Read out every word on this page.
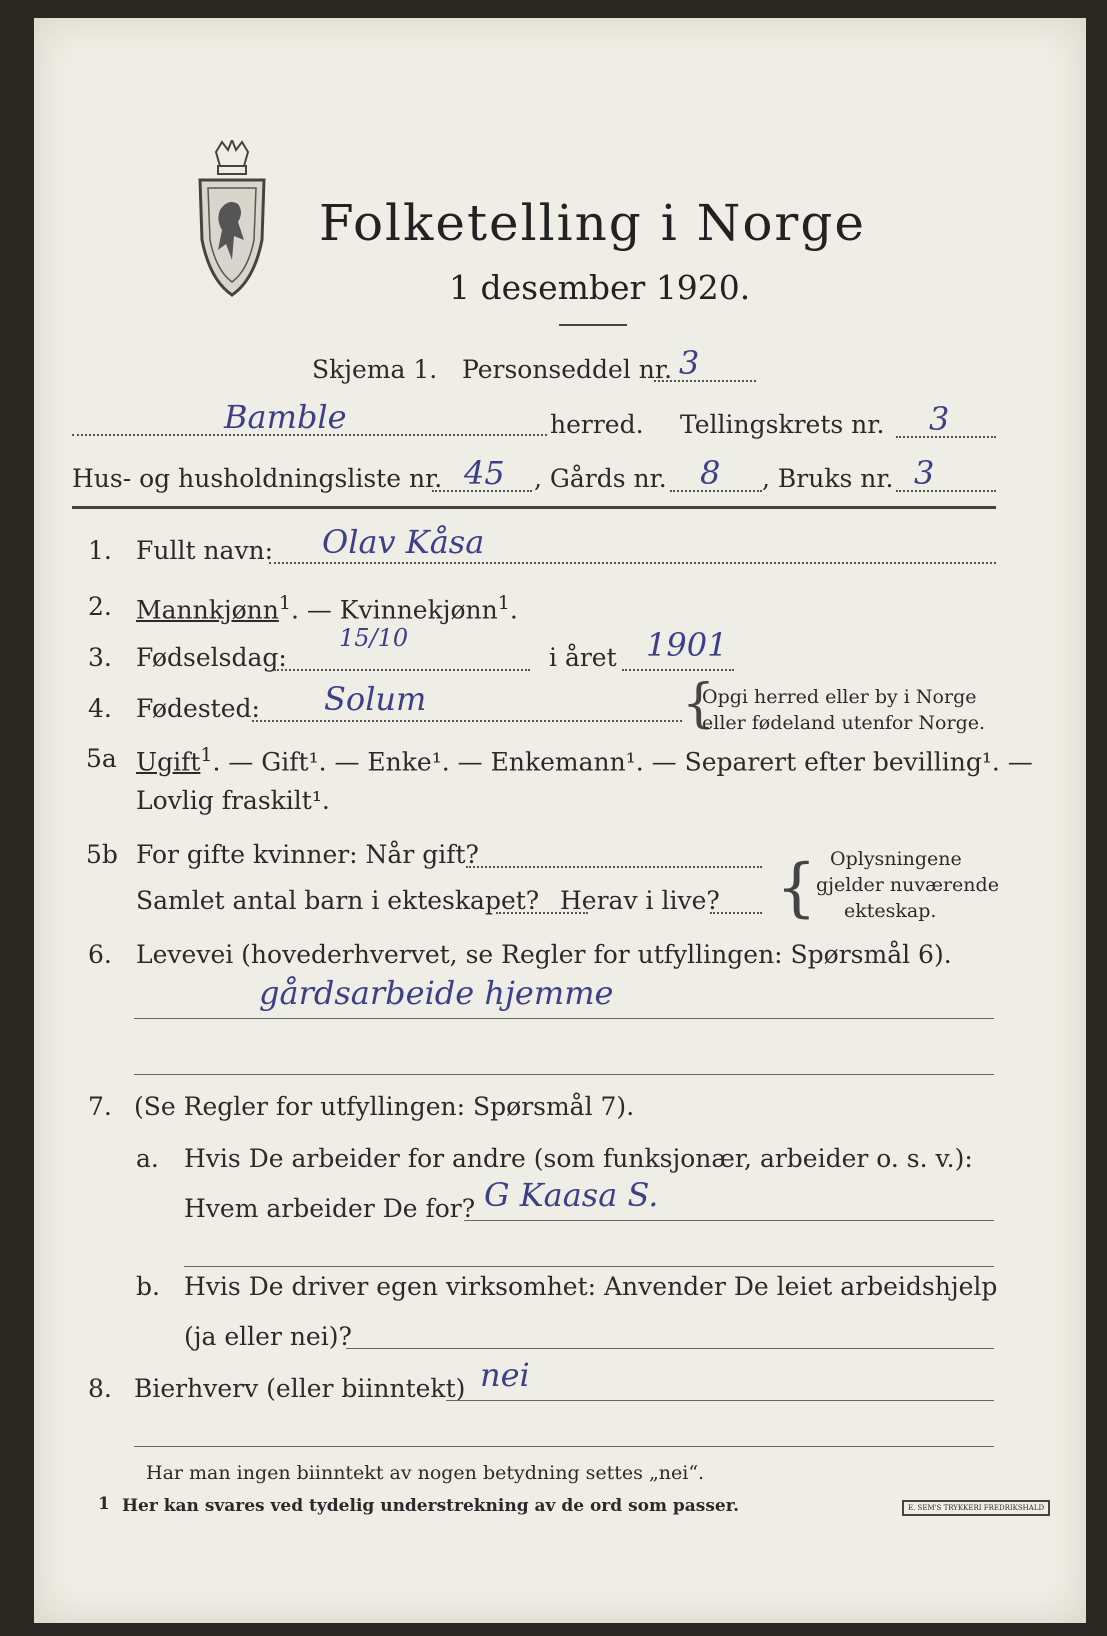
Folketelling i Norge
1 desember 1920.
Skjema 1. Personseddel nr. 3
Bamble	herred. Tellingskrets nr. 3
Hus- og husholdningsliste nr. 45 , Gårds nr. 8 , Bruks nr. 3
1. Fullt navn: Olav Kåsa
2. Mannkjønn$^1$. — Kvinnekjønn$^1$.
3. Fødselsdag:
15/10
i året 1901
4. Fødested: Solum	{
Opgi herred eller by i Norge
eller fødeland utenfor Norge.
5a Ugift$^1$. — Gift¹. — Enke¹. — Enkemann¹. — Separert efter bevilling¹. —
Lovlig fraskilt¹.
5b For gifte kvinner: Når gift?
Samlet antal barn i ekteskapet? Herav i live? { Oplysningene
gjelder nuværende
ekteskap.
6. Levevei (hovederhvervet, se Regler for utfyllingen: Spørsmål 6).
gårdsarbeide hjemme
7. (Se Regler for utfyllingen: Spørsmål 7).
a. Hvis De arbeider for andre (som funksjonær, arbeider o. s. v.):
Hvem arbeider De for? G Kaasa S.
b. Hvis De driver egen virksomhet: Anvender De leiet arbeidshjelp
(ja eller nei)?
8. Bierhverv (eller biinntekt) nei
Har man ingen biinntekt av nogen betydning settes „nei“.
1 Her kan svares ved tydelig understrekning av de ord som passer.	E. SEM'S TRYKKERI FREDRIKSHALD
